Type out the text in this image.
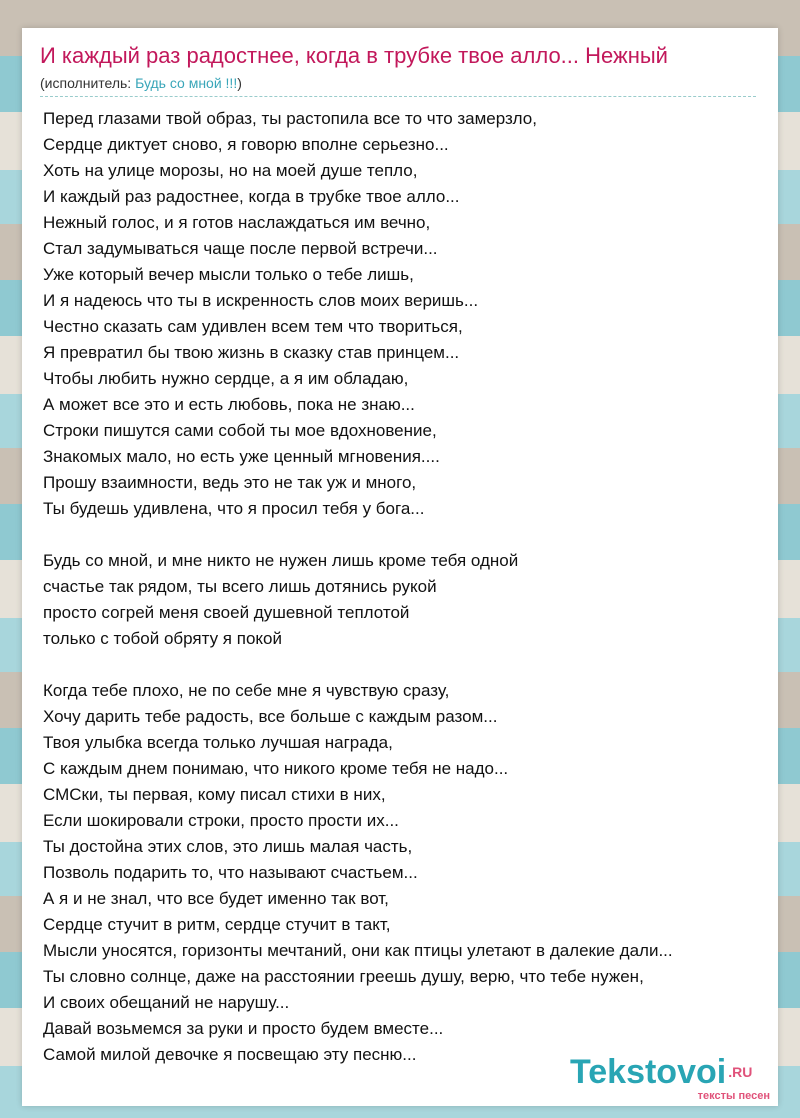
И каждый раз радостнее, когда в трубке твое алло... Нежный
(исполнитель: Будь со мной !!!)
Перед глазами твой образ, ты растопила все то что замерзло,
Сердце диктует сново, я говорю вполне серьезно...
Хоть на улице морозы, но на моей душе тепло,
И каждый раз радостнее, когда в трубке твое алло...
Нежный голос, и я готов наслаждаться им вечно,
Стал задумываться чаще после первой встречи...
Уже который вечер мысли только о тебе лишь,
И я надеюсь что ты в искренность слов моих веришь...
Честно сказать сам удивлен всем тем что твориться,
Я превратил бы твою жизнь в сказку став принцем...
Чтобы любить нужно сердце, а я им обладаю,
А может все это и есть любовь, пока не знаю...
Строки пишутся сами собой ты мое вдохновение,
Знакомых мало, но есть уже ценный мгновения....
Прошу взаимности, ведь это не так уж и много,
Ты будешь удивлена, что я просил тебя у бога...
Будь со мной, и мне никто не нужен лишь кроме тебя одной
счастье так рядом, ты всего лишь дотянись рукой
просто согрей меня своей душевной теплотой
только с тобой обряту я покой
Когда тебе плохо, не по себе мне я чувствую сразу,
Хочу дарить тебе радость, все больше с каждым разом...
Твоя улыбка всегда только лучшая награда,
С каждым днем понимаю, что никого кроме тебя не надо...
СМСки, ты первая, кому писал стихи в них,
Если шокировали строки, просто прости их...
Ты достойна этих слов, это лишь малая часть,
Позволь подарить то, что называют счастьем...
А я и не знал, что все будет именно так вот,
Сердце стучит в ритм, сердце стучит в такт,
Мысли уносятся, горизонты мечтаний, они как птицы улетают в далекие дали...
Ты словно солнце, даже на расстоянии греешь душу, верю, что тебе нужен,
И своих обещаний не нарушу...
Давай возьмемся за руки и просто будем вместе...
Самой милой девочке я посвещаю эту песню...	Tekstovoi .RU
тексты песен
